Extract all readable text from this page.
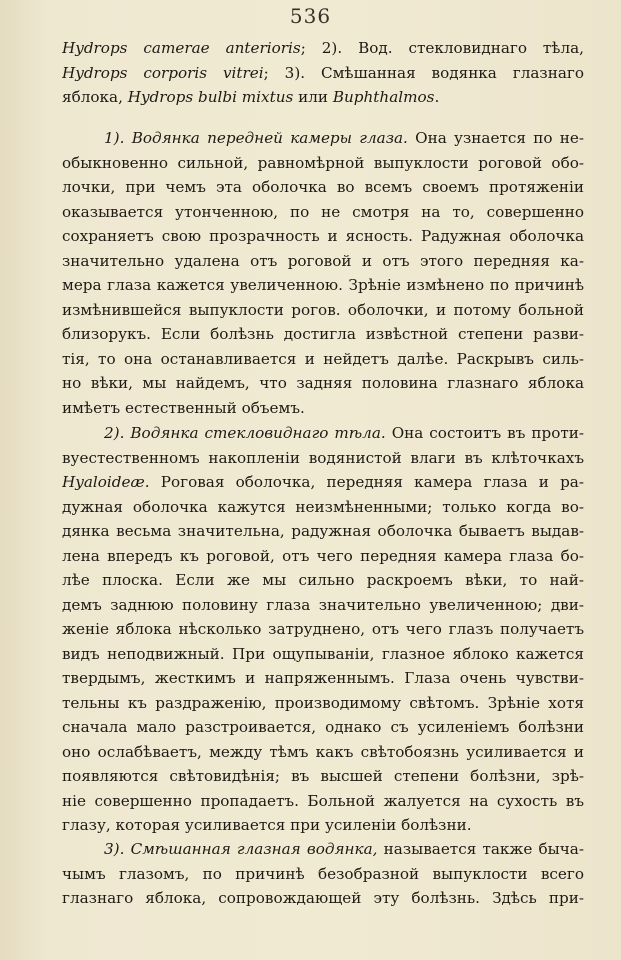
536
Hydrops camerae anterioris; 2). Вод. стекловиднаго тѣла,
Hydrops corporis vitrei; 3). Смѣшанная водянка глазнаго
яблока, Hydrops bulbi mixtus или Buphthalmos.
1). Водянка передней камеры глаза. Она узнается по не-
обыкновенно сильной, равномѣрной выпуклости роговой обо-
лочки, при чемъ эта оболочка во всемъ своемъ протяженіи
оказывается утонченною, по не смотря на то, совершенно
сохраняетъ свою прозрачность и ясность. Радужная оболочка
значительно удалена отъ роговой и отъ этого передняя ка-
мера глаза кажется увеличенною. Зрѣніе измѣнено по причинѣ
измѣнившейся выпуклости рогов. оболочки, и потому больной
близорукъ. Если болѣзнь достигла извѣстной степени разви-
тія, то она останавливается и нейдетъ далѣе. Раскрывъ силь-
но вѣки, мы найдемъ, что задняя половина глазнаго яблока
имѣетъ естественный объемъ.
2). Водянка стекловиднаго тѣла. Она состоитъ въ проти-
вуестественномъ накопленіи водянистой влаги въ клѣточкахъ
Hyaloideæ. Роговая оболочка, передняя камера глаза и ра-
дужная оболочка кажутся неизмѣненными; только когда во-
дянка весьма значительна, радужная оболочка бываетъ выдав-
лена впередъ къ роговой, отъ чего передняя камера глаза бо-
лѣе плоска. Если же мы сильно раскроемъ вѣки, то най-
демъ заднюю половину глаза значительно увеличенною; дви-
женіе яблока нѣсколько затруднено, отъ чего глазъ получаетъ
видъ неподвижный. При ощупываніи, глазное яблоко кажется
твердымъ, жесткимъ и напряженнымъ. Глаза очень чувстви-
тельны къ раздраженію, производимому свѣтомъ. Зрѣніе хотя
сначала мало разстроивается, однако съ усиленіемъ болѣзни
оно ослабѣваетъ, между тѣмъ какъ свѣтобоязнь усиливается и
появляются свѣтовидѣнія; въ высшей степени болѣзни, зрѣ-
ніе совершенно пропадаетъ. Больной жалуется на сухость въ
глазу, которая усиливается при усиленіи болѣзни.
3). Смѣшанная глазная водянка, называется также быча-
чымъ глазомъ, по причинѣ безобразной выпуклости всего
глазнаго яблока, сопровождающей эту болѣзнь. Здѣсь при-
